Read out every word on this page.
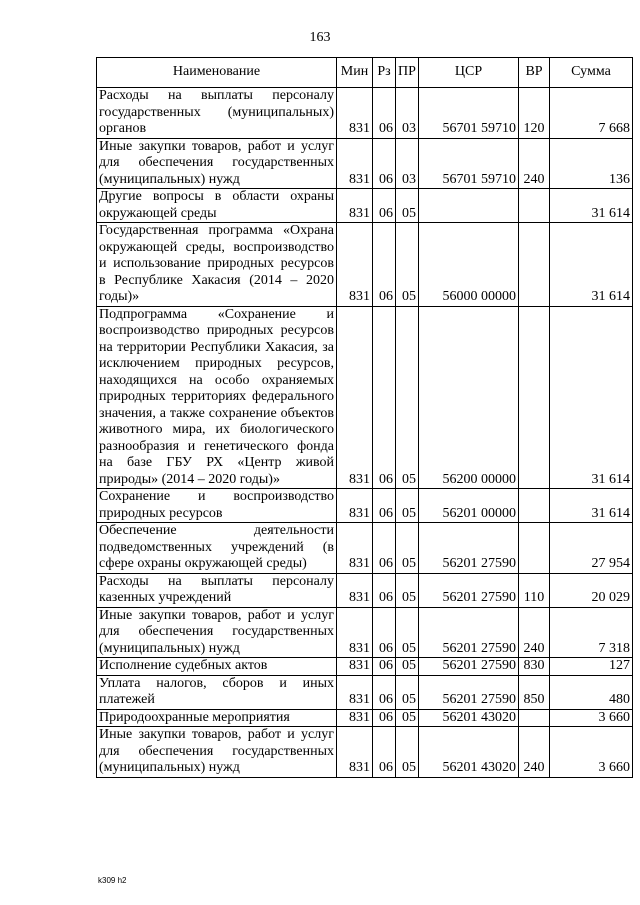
163
Наименование	Мин	Рз	ПР	ЦСР	ВР	Сумма
Расходы на выплаты персоналу государственных (муниципальных) органов	831	06	03	56701 59710	120	7 668
Иные закупки товаров, работ и услуг для обеспечения государственных (муниципальных) нужд	831	06	03	56701 59710	240	136
Другие вопросы в области охраны окружающей среды	831	06	05			31 614
Государственная программа «Охрана окружающей среды, воспроизводство и использование природных ресурсов в Республике Хакасия (2014 – 2020 годы)»	831	06	05	56000 00000		31 614
Подпрограмма «Сохранение и воспроизводство природных ресурсов на территории Республики Хакасия, за исключением природных ресурсов, находящихся на особо охраняемых природных территориях федерального значения, а также сохранение объектов животного мира, их биологического разнообразия и генетического фонда на базе ГБУ РХ «Центр живой природы» (2014 – 2020 годы)»	831	06	05	56200 00000		31 614
Сохранение и воспроизводство природных ресурсов	831	06	05	56201 00000		31 614
Обеспечение деятельности подведомственных учреждений (в сфере охраны окружающей среды)	831	06	05	56201 27590		27 954
Расходы на выплаты персоналу казенных учреждений	831	06	05	56201 27590	110	20 029
Иные закупки товаров, работ и услуг для обеспечения государственных (муниципальных) нужд	831	06	05	56201 27590	240	7 318
Исполнение судебных актов	831	06	05	56201 27590	830	127
Уплата налогов, сборов и иных платежей	831	06	05	56201 27590	850	480
Природоохранные мероприятия	831	06	05	56201 43020		3 660
Иные закупки товаров, работ и услуг для обеспечения государственных (муниципальных) нужд	831	06	05	56201 43020	240	3 660
k309 h2
